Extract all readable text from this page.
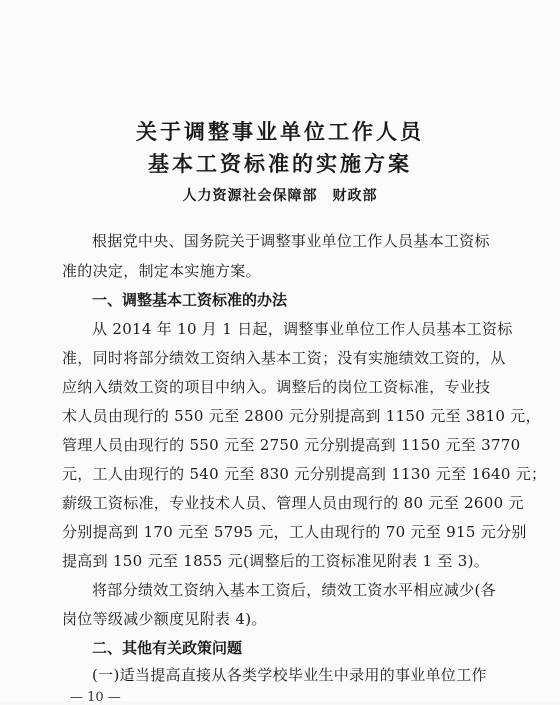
关于调整事业单位工作人员
基本工资标准的实施方案
人力资源社会保障部　财政部
根据党中央、国务院关于调整事业单位工作人员基本工资标
准的决定，制定本实施方案。
一、调整基本工资标准的办法
从 2014 年 10 月 1 日起，调整事业单位工作人员基本工资标
准，同时将部分绩效工资纳入基本工资；没有实施绩效工资的，从
应纳入绩效工资的项目中纳入。调整后的岗位工资标准，专业技
术人员由现行的 550 元至 2800 元分别提高到 1150 元至 3810 元，
管理人员由现行的 550 元至 2750 元分别提高到 1150 元至 3770
元，工人由现行的 540 元至 830 元分别提高到 1130 元至 1640 元；
薪级工资标准，专业技术人员、管理人员由现行的 80 元至 2600 元
分别提高到 170 元至 5795 元，工人由现行的 70 元至 915 元分别
提高到 150 元至 1855 元(调整后的工资标准见附表 1 至 3)。
将部分绩效工资纳入基本工资后，绩效工资水平相应减少(各
岗位等级减少额度见附表 4)。
二、其他有关政策问题
(一)适当提高直接从各类学校毕业生中录用的事业单位工作
— 10 —
